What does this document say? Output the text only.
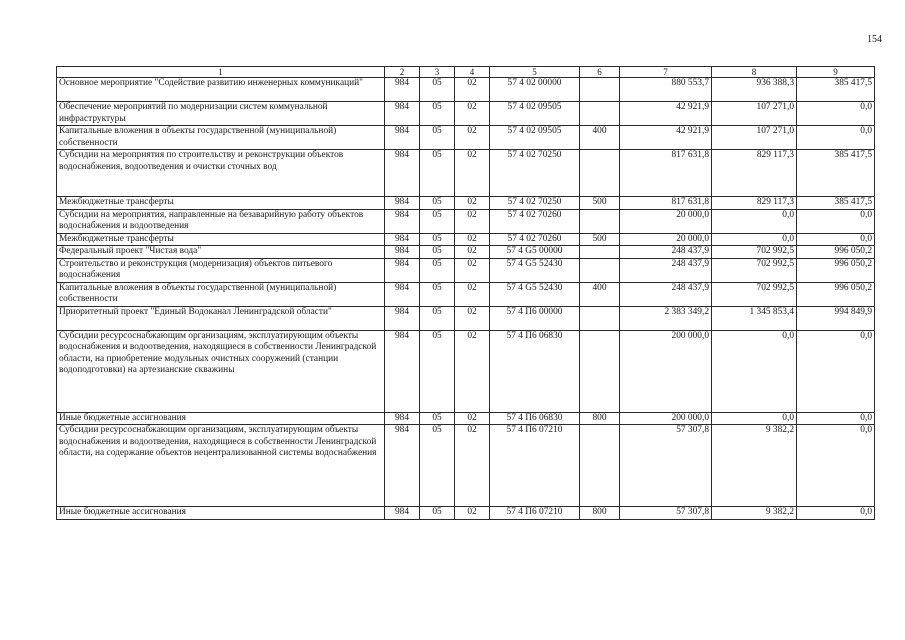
154
1	2	3	4	5	6	7	8	9
Основное мероприятие "Содействие развитию инженерных коммуникаций"	984	05	02	57 4 02 00000		880 553,7	936 388,3	385 417,5
Обеспечение мероприятий по модернизации систем коммунальной инфраструктуры	984	05	02	57 4 02 09505		42 921,9	107 271,0	0,0
Капитальные вложения в объекты государственной (муниципальной) собственности	984	05	02	57 4 02 09505	400	42 921,9	107 271,0	0,0
Субсидии на мероприятия по строительству и реконструкции объектов водоснабжения, водоотведения и очистки сточных вод	984	05	02	57 4 02 70250		817 631,8	829 117,3	385 417,5
Межбюджетные трансферты	984	05	02	57 4 02 70250	500	817 631,8	829 117,3	385 417,5
Субсидии на мероприятия, направленные на безаварийную работу объектов водоснабжения и водоотведения	984	05	02	57 4 02 70260		20 000,0	0,0	0,0
Межбюджетные трансферты	984	05	02	57 4 02 70260	500	20 000,0	0,0	0,0
Федеральный проект "Чистая вода"	984	05	02	57 4 G5 00000		248 437,9	702 992,5	996 050,2
Строительство и реконструкция (модернизация) объектов питьевого водоснабжения	984	05	02	57 4 G5 52430		248 437,9	702 992,5	996 050,2
Капитальные вложения в объекты государственной (муниципальной) собственности	984	05	02	57 4 G5 52430	400	248 437,9	702 992,5	996 050,2
Приоритетный проект "Единый Водоканал Ленинградской области"	984	05	02	57 4 П6 00000		2 383 349,2	1 345 853,4	994 849,9
Субсидии ресурсоснабжающим организациям, эксплуатирующим объекты водоснабжения и водоотведения, находящиеся в собственности Ленинградской области, на приобретение модульных очистных сооружений (станции водоподготовки) на артезианские скважины	984	05	02	57 4 П6 06830		200 000,0	0,0	0,0
Иные бюджетные ассигнования	984	05	02	57 4 П6 06830	800	200 000,0	0,0	0,0
Субсидии ресурсоснабжающим организациям, эксплуатирующим объекты водоснабжения и водоотведения, находящиеся в собственности Ленинградской области, на содержание объектов нецентрализованной системы водоснабжения	984	05	02	57 4 П6 07210		57 307,8	9 382,2	0,0
Иные бюджетные ассигнования	984	05	02	57 4 П6 07210	800	57 307,8	9 382,2	0,0
